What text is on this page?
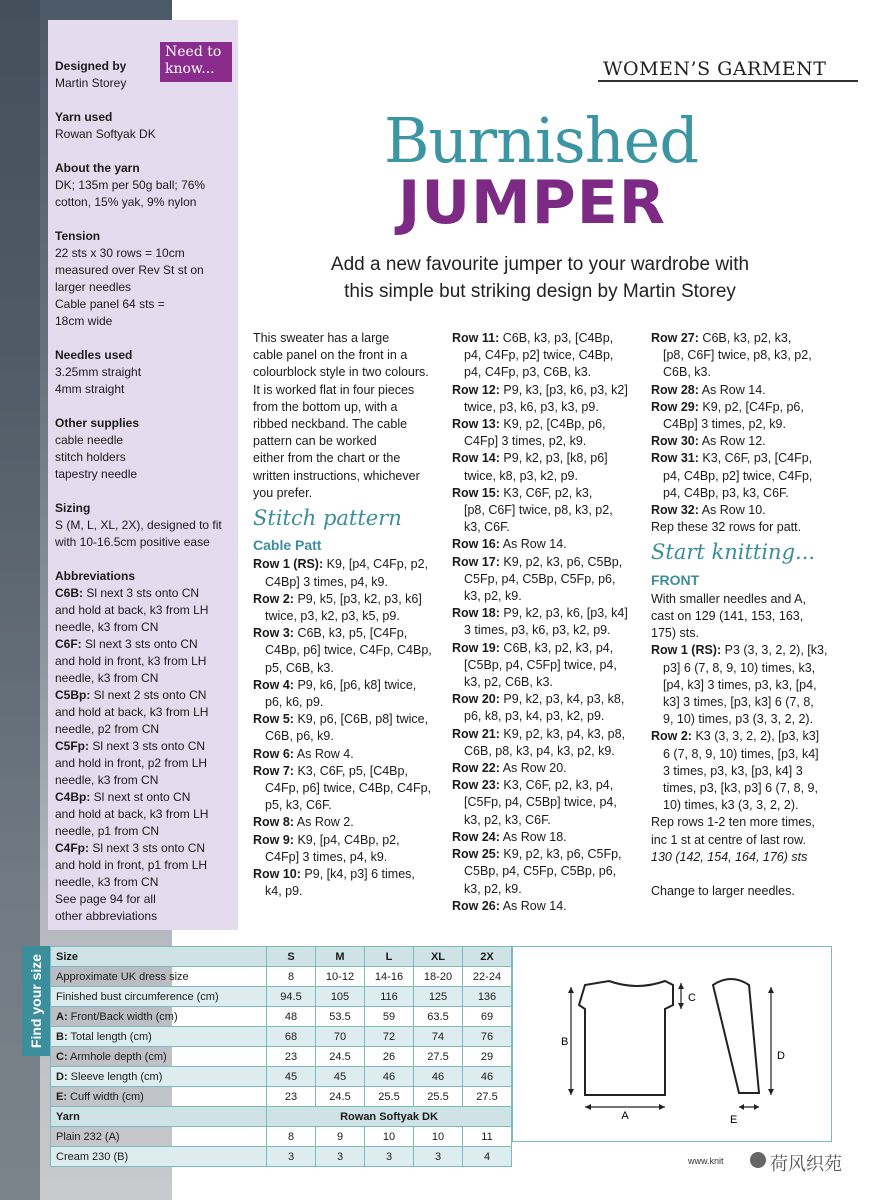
WOMEN’S GARMENT
Burnished
JUMPER
Add a new favourite jumper to your wardrobe with
this simple but striking design by Martin Storey
Designed by
Martin Storey
Yarn used
Rowan Softyak DK
About the yarn
DK; 135m per 50g ball; 76%
cotton, 15% yak, 9% nylon
Tension
22 sts x 30 rows = 10cm
measured over Rev St st on
larger needles
Cable panel 64 sts =
18cm wide
Needles used
3.25mm straight
4mm straight
Other supplies
cable needle
stitch holders
tapestry needle
Sizing
S (M, L, XL, 2X), designed to fit
with 10-16.5cm positive ease
Abbreviations
C6B: Sl next 3 sts onto CN
and hold at back, k3 from LH
needle, k3 from CN
C6F: Sl next 3 sts onto CN
and hold in front, k3 from LH
needle, k3 from CN
C5Bp: Sl next 2 sts onto CN
and hold at back, k3 from LH
needle, p2 from CN
C5Fp: Sl next 3 sts onto CN
and hold in front, p2 from LH
needle, k3 from CN
C4Bp: Sl next st onto CN
and hold at back, k3 from LH
needle, p1 from CN
C4Fp: Sl next 3 sts onto CN
and hold in front, p1 from LH
needle, k3 from CN
See page 94 for all
other abbreviations
Need to
know...
This sweater has a large
cable panel on the front in a
colourblock style in two colours.
It is worked flat in four pieces
from the bottom up, with a
ribbed neckband. The cable
pattern can be worked
either from the chart or the
written instructions, whichever
you prefer.
Stitch pattern
Cable Patt
Row 1 (RS): K9, [p4, C4Fp, p2,
C4Bp] 3 times, p4, k9.
Row 2: P9, k5, [p3, k2, p3, k6]
twice, p3, k2, p3, k5, p9.
Row 3: C6B, k3, p5, [C4Fp,
C4Bp, p6] twice, C4Fp, C4Bp,
p5, C6B, k3.
Row 4: P9, k6, [p6, k8] twice,
p6, k6, p9.
Row 5: K9, p6, [C6B, p8] twice,
C6B, p6, k9.
Row 6: As Row 4.
Row 7: K3, C6F, p5, [C4Bp,
C4Fp, p6] twice, C4Bp, C4Fp,
p5, k3, C6F.
Row 8: As Row 2.
Row 9: K9, [p4, C4Bp, p2,
C4Fp] 3 times, p4, k9.
Row 10: P9, [k4, p3] 6 times,
k4, p9.
Row 11: C6B, k3, p3, [C4Bp,
p4, C4Fp, p2] twice, C4Bp,
p4, C4Fp, p3, C6B, k3.
Row 12: P9, k3, [p3, k6, p3, k2]
twice, p3, k6, p3, k3, p9.
Row 13: K9, p2, [C4Bp, p6,
C4Fp] 3 times, p2, k9.
Row 14: P9, k2, p3, [k8, p6]
twice, k8, p3, k2, p9.
Row 15: K3, C6F, p2, k3,
[p8, C6F] twice, p8, k3, p2,
k3, C6F.
Row 16: As Row 14.
Row 17: K9, p2, k3, p6, C5Bp,
C5Fp, p4, C5Bp, C5Fp, p6,
k3, p2, k9.
Row 18: P9, k2, p3, k6, [p3, k4]
3 times, p3, k6, p3, k2, p9.
Row 19: C6B, k3, p2, k3, p4,
[C5Bp, p4, C5Fp] twice, p4,
k3, p2, C6B, k3.
Row 20: P9, k2, p3, k4, p3, k8,
p6, k8, p3, k4, p3, k2, p9.
Row 21: K9, p2, k3, p4, k3, p8,
C6B, p8, k3, p4, k3, p2, k9.
Row 22: As Row 20.
Row 23: K3, C6F, p2, k3, p4,
[C5Fp, p4, C5Bp] twice, p4,
k3, p2, k3, C6F.
Row 24: As Row 18.
Row 25: K9, p2, k3, p6, C5Fp,
C5Bp, p4, C5Fp, C5Bp, p6,
k3, p2, k9.
Row 26: As Row 14.
Row 27: C6B, k3, p2, k3,
[p8, C6F] twice, p8, k3, p2,
C6B, k3.
Row 28: As Row 14.
Row 29: K9, p2, [C4Fp, p6,
C4Bp] 3 times, p2, k9.
Row 30: As Row 12.
Row 31: K3, C6F, p3, [C4Fp,
p4, C4Bp, p2] twice, C4Fp,
p4, C4Bp, p3, k3, C6F.
Row 32: As Row 10.
Rep these 32 rows for patt.
Start knitting...
FRONT
With smaller needles and A,
cast on 129 (141, 153, 163,
175) sts.
Row 1 (RS): P3 (3, 3, 2, 2), [k3,
p3] 6 (7, 8, 9, 10) times, k3,
[p4, k3] 3 times, p3, k3, [p4,
k3] 3 times, [p3, k3] 6 (7, 8,
9, 10) times, p3 (3, 3, 2, 2).
Row 2: K3 (3, 3, 2, 2), [p3, k3]
6 (7, 8, 9, 10) times, [p3, k4]
3 times, p3, k3, [p3, k4] 3
times, p3, [k3, p3] 6 (7, 8, 9,
10) times, k3 (3, 3, 2, 2).
Rep rows 1-2 ten more times,
inc 1 st at centre of last row.
130 (142, 154, 164, 176) sts

Change to larger needles.
Find your size	Size	S	M	L	XL	2X
Approximate UK dress size	8	10-12	14-16	18-20	22-24
Finished bust circumference (cm)	94.5	105	116	125	136
A: Front/Back width (cm)	48	53.5	59	63.5	69
B: Total length (cm)	68	70	72	74	76
C: Armhole depth (cm)	23	24.5	26	27.5	29
D: Sleeve length (cm)	45	45	46	46	46
E: Cuff width (cm)	23	24.5	25.5	25.5	27.5
Yarn	Rowan Softyak DK				
Plain 232 (A)	8	9	10	10	11
Cream 230 (B)	3	3	3	3	4
A
B
C
D
E
www.knit	荷风织苑
